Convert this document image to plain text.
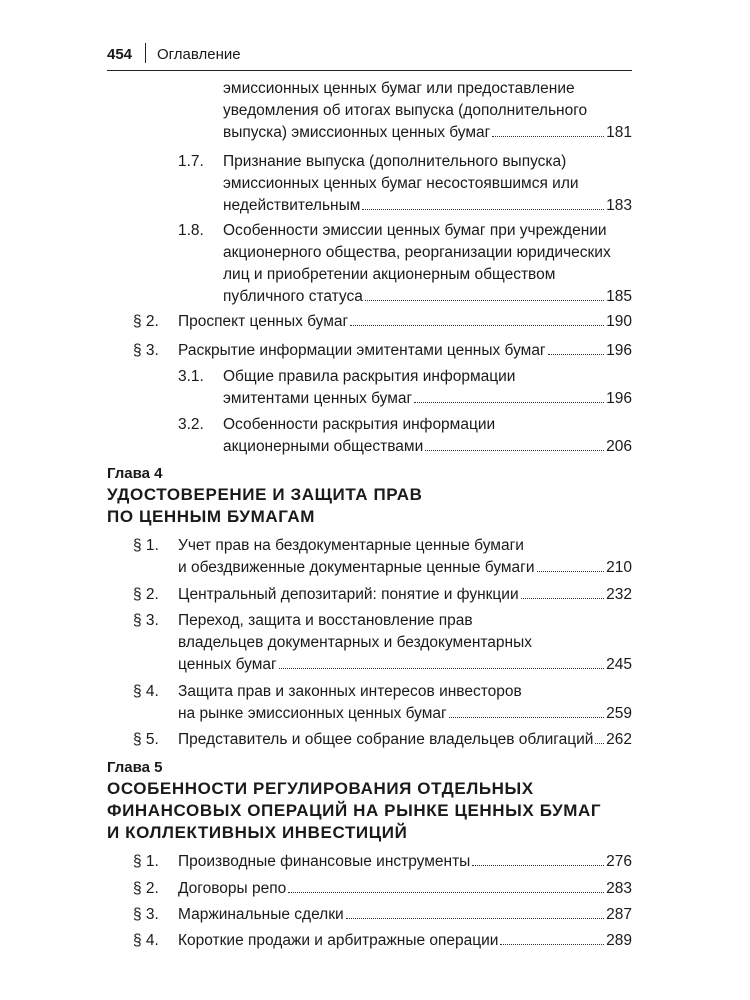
454 Оглавление
эмиссионных ценных бумаг или предоставление
уведомления об итогах выпуска (дополнительного
выпуска) эмиссионных ценных бумаг	181
1.7. Признание выпуска (дополнительного выпуска)
эмиссионных ценных бумаг несостоявшимся или
недействительным	183
1.8. Особенности эмиссии ценных бумаг при учреждении
акционерного общества, реорганизации юридических
лиц и приобретении акционерным обществом
публичного статуса	185
§ 2. Проспект ценных бумаг	190
§ 3. Раскрытие информации эмитентами ценных бумаг	196
3.1. Общие правила раскрытия информации
эмитентами ценных бумаг	196
3.2. Особенности раскрытия информации
акционерными обществами	206
§ 1. Учет прав на бездокументарные ценные бумаги
и обездвиженные документарные ценные бумаги	210
§ 2. Центральный депозитарий: понятие и функции	232
§ 3. Переход, защита и восстановление прав
владельцев документарных и бездокументарных
ценных бумаг	245
§ 4. Защита прав и законных интересов инвесторов
на рынке эмиссионных ценных бумаг	259
§ 5. Представитель и общее собрание владельцев облигаций 262
§ 1. Производные финансовые инструменты	276
§ 2. Договоры репо	283
§ 3. Маржинальные сделки	287
§ 4. Короткие продажи и арбитражные операции	289
Глава 4
УДОСТОВЕРЕНИЕ И ЗАЩИТА ПРАВ
ПО ЦЕННЫМ БУМАГАМ
Глава 5
ОСОБЕННОСТИ РЕГУЛИРОВАНИЯ ОТДЕЛЬНЫХ
ФИНАНСОВЫХ ОПЕРАЦИЙ НА РЫНКЕ ЦЕННЫХ БУМАГ
И КОЛЛЕКТИВНЫХ ИНВЕСТИЦИЙ
